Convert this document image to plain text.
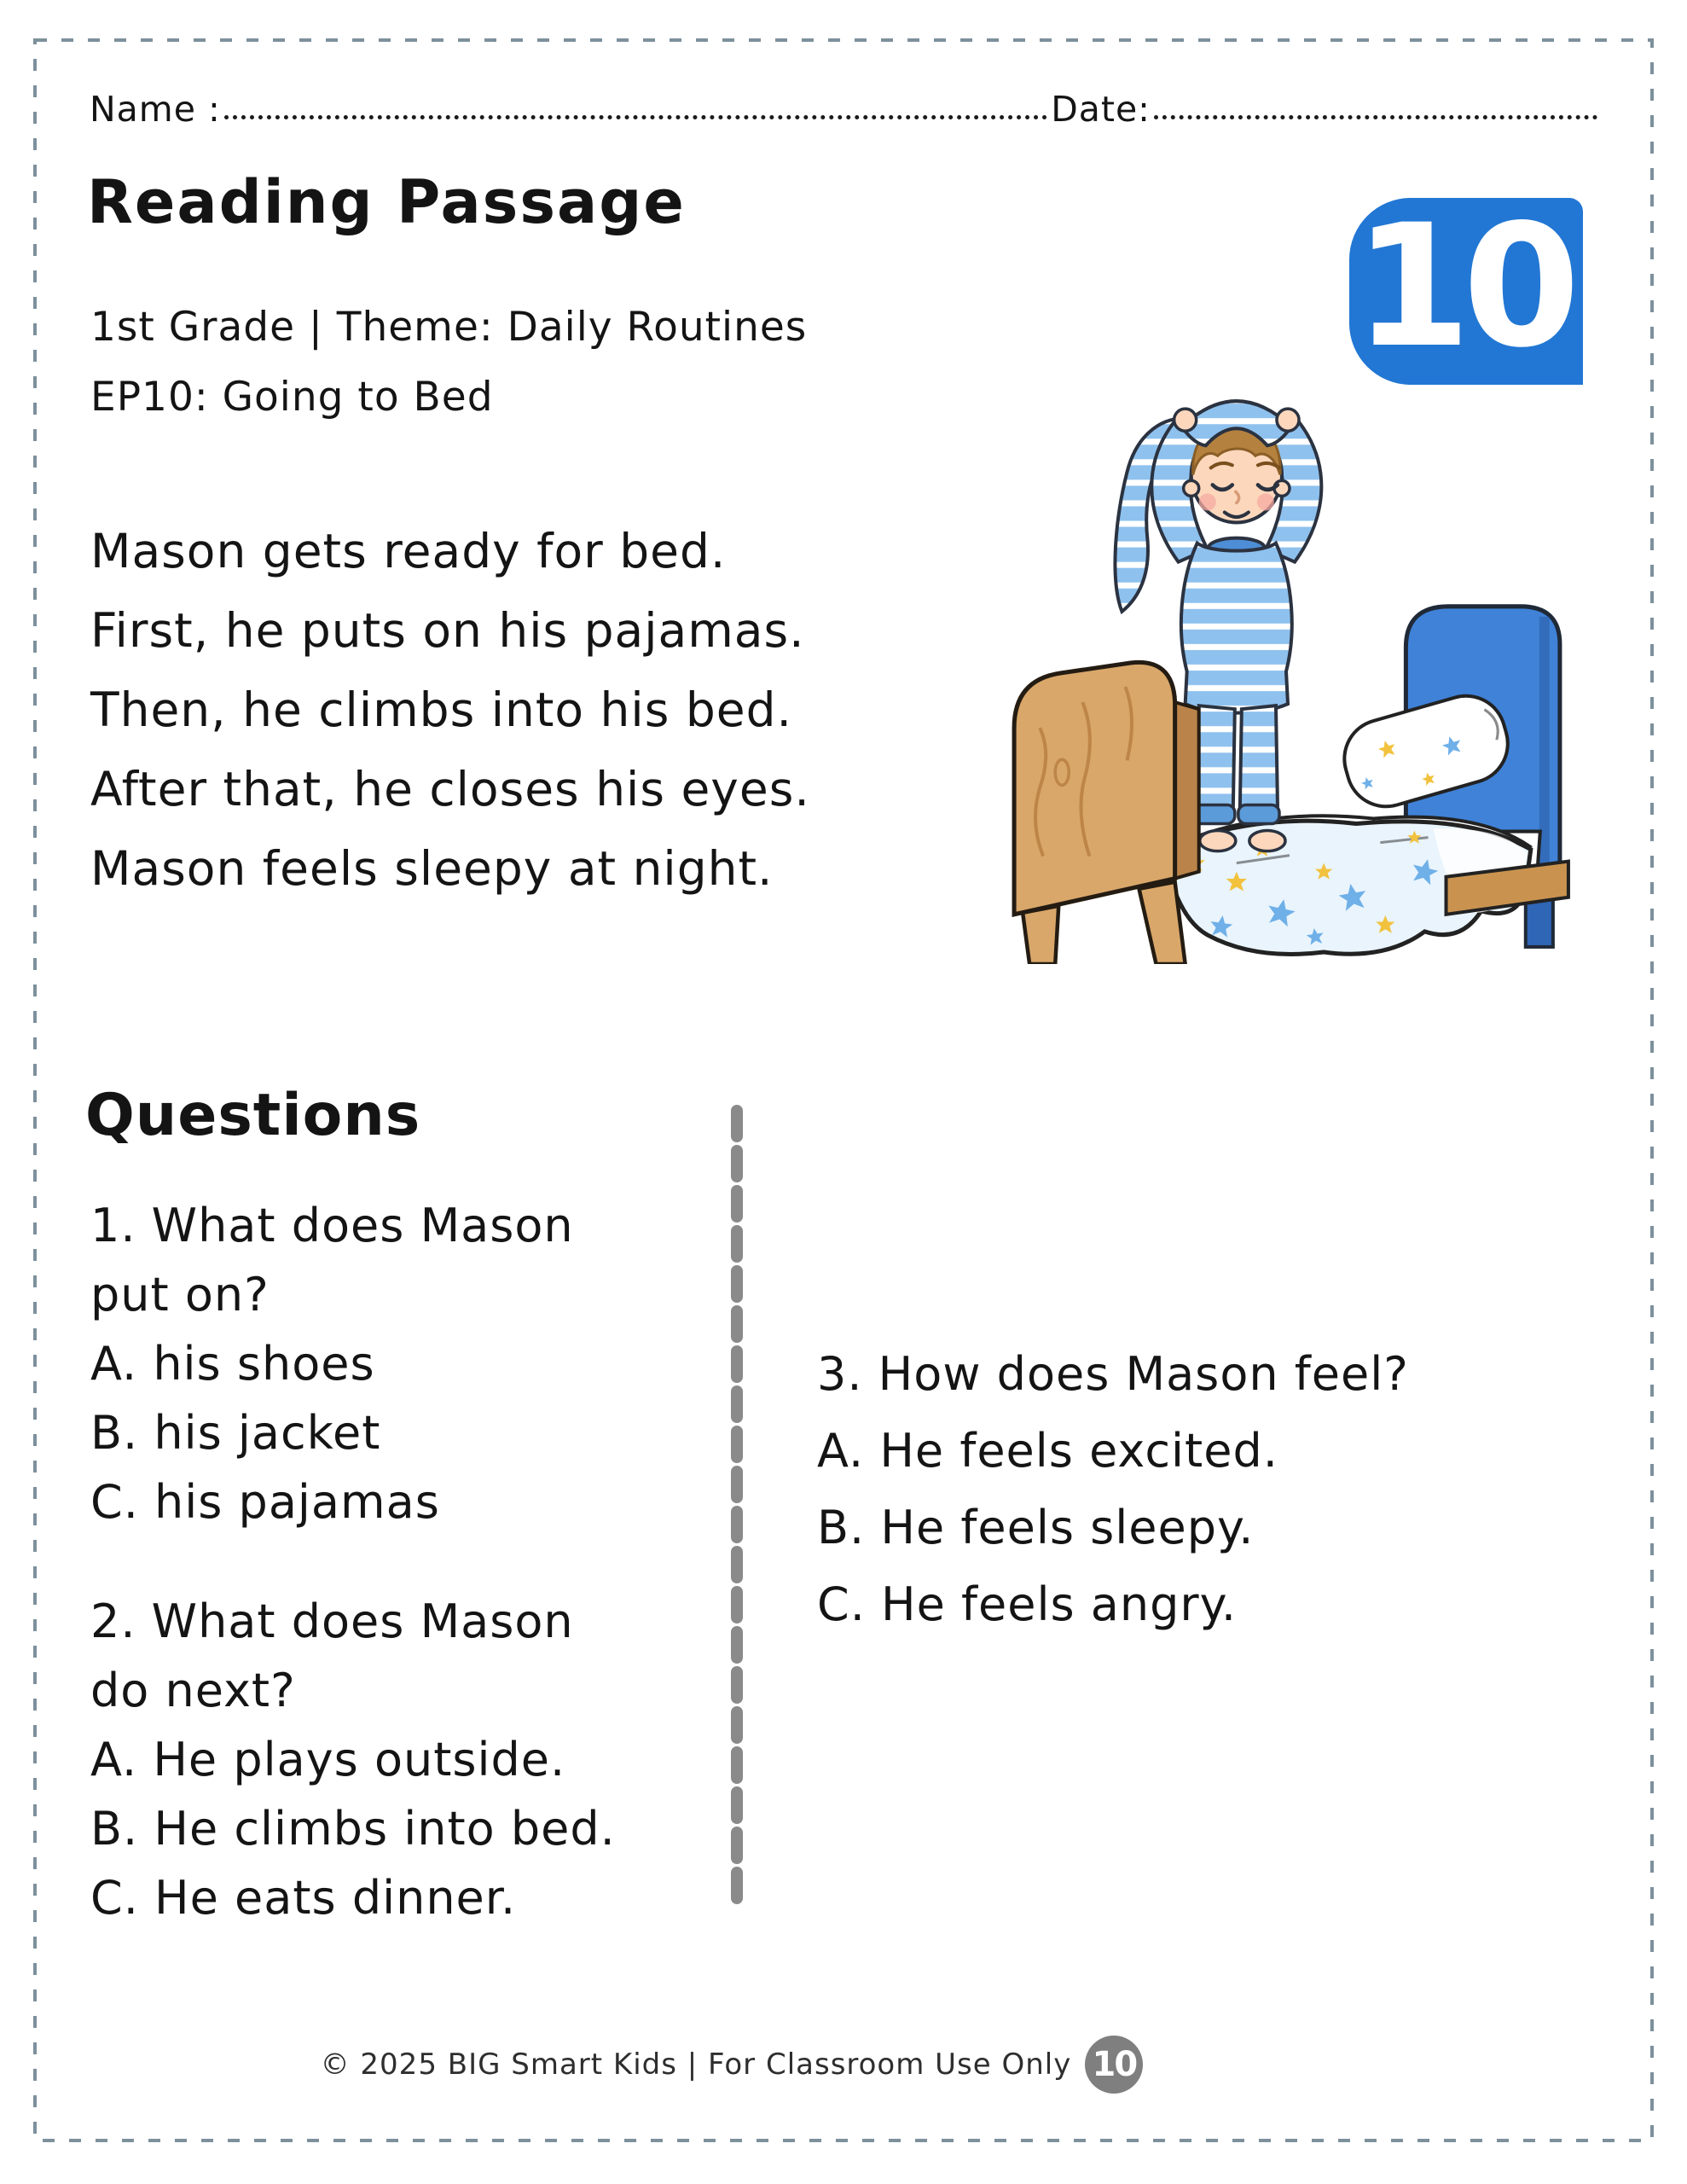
Name :	Date:
Reading Passage
1st Grade | Theme: Daily Routines
EP10: Going to Bed
10
Mason gets ready for bed.
First, he puts on his pajamas.
Then, he climbs into his bed.
After that, he closes his eyes.
Mason feels sleepy at night.
Questions
1. What does Mason
put on?
A. his shoes
B. his jacket
C. his pajamas
2. What does Mason
do next?
A. He plays outside.
B. He climbs into bed.
C. He eats dinner.
3. How does Mason feel?
A. He feels excited.
B. He feels sleepy.
C. He feels angry.
© 2025 BIG Smart Kids | For Classroom Use Only 10
